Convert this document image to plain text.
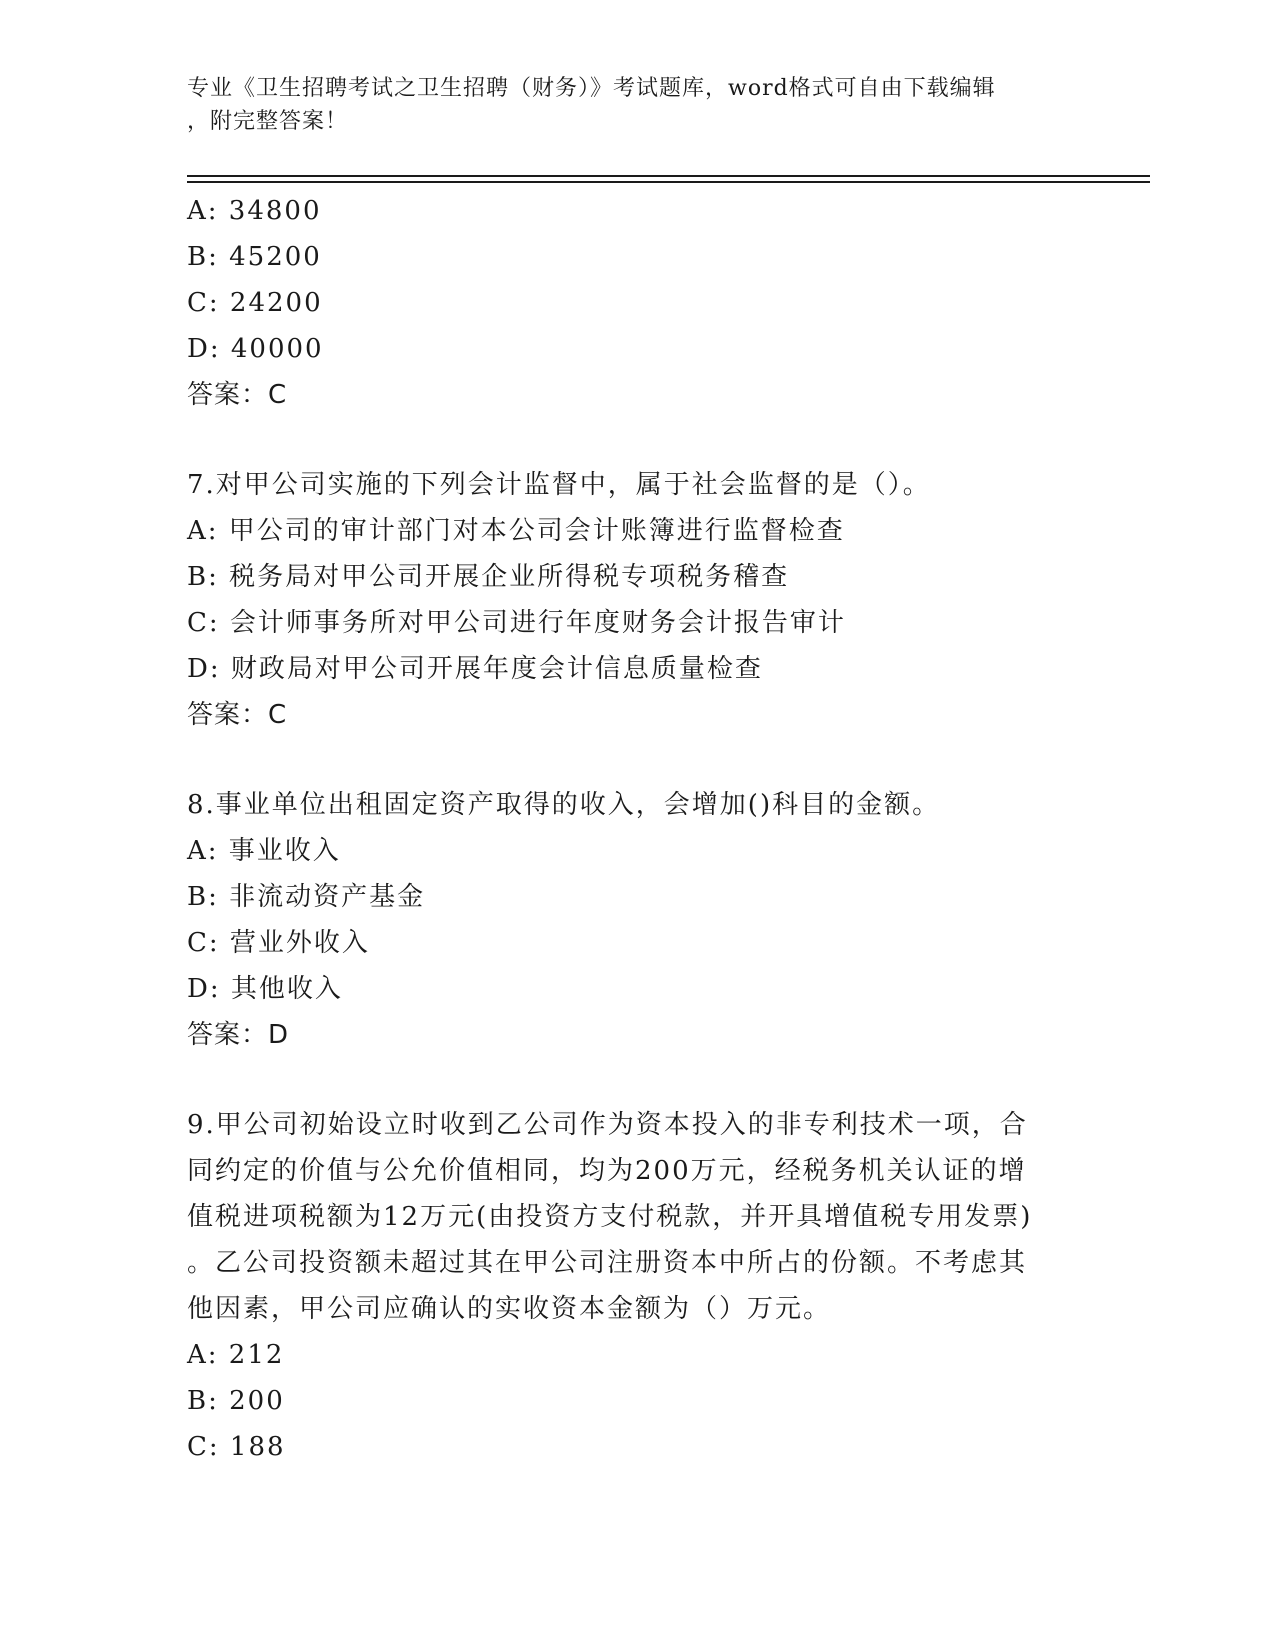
专业《卫生招聘考试之卫生招聘（财务）》考试题库，word格式可自由下载编辑
，附完整答案！
A: 34800
B: 45200
C: 24200
D: 40000
答案：C
7.对甲公司实施的下列会计监督中，属于社会监督的是（）。
A: 甲公司的审计部门对本公司会计账簿进行监督检查
B: 税务局对甲公司开展企业所得税专项税务稽查
C: 会计师事务所对甲公司进行年度财务会计报告审计
D: 财政局对甲公司开展年度会计信息质量检查
答案：C
8.事业单位出租固定资产取得的收入，会增加()科目的金额。
A: 事业收入
B: 非流动资产基金
C: 营业外收入
D: 其他收入
答案：D
9.甲公司初始设立时收到乙公司作为资本投入的非专利技术一项，合
同约定的价值与公允价值相同，均为200万元，经税务机关认证的增
值税进项税额为12万元(由投资方支付税款，并开具增值税专用发票)
。乙公司投资额未超过其在甲公司注册资本中所占的份额。不考虑其
他因素，甲公司应确认的实收资本金额为（）万元。
A: 212
B: 200
C: 188
